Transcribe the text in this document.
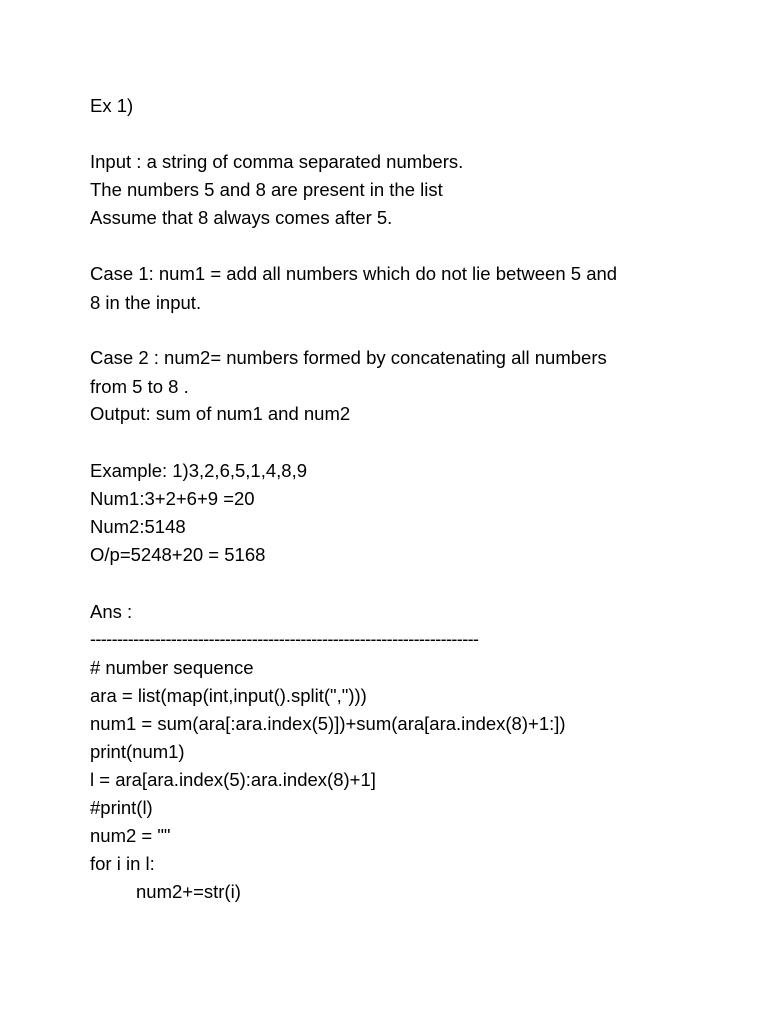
Ex 1)
Input : a string of comma separated numbers.
The numbers 5 and 8 are present in the list
Assume that 8 always comes after 5.
Case 1: num1 = add all numbers which do not lie between 5 and
8 in the input.
Case 2 : num2= numbers formed by concatenating all numbers
from 5 to 8 .
Output: sum of num1 and num2
Example: 1)3,2,6,5,1,4,8,9
Num1:3+2+6+9 =20
Num2:5148
O/p=5248+20 = 5168
Ans :
------------------------------------------------------------------------
# number sequence
ara = list(map(int,input().split(",")))
num1 = sum(ara[:ara.index(5)])+sum(ara[ara.index(8)+1:])
print(num1)
l = ara[ara.index(5):ara.index(8)+1]
#print(l)
num2 = ""
for i in l:
num2+=str(i)
